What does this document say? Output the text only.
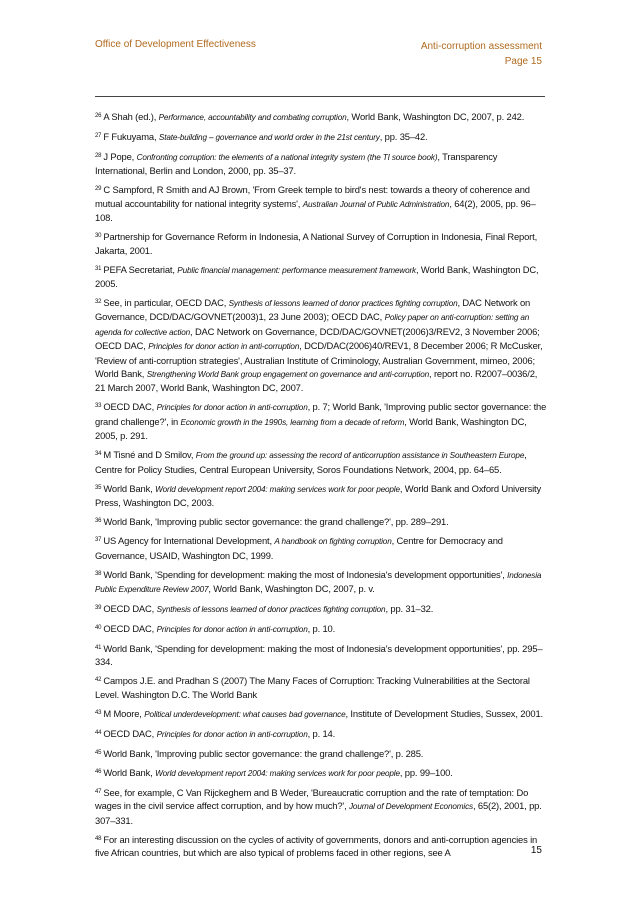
Office of Development Effectiveness	Anti-corruption assessment
Page 15
$^{26}$ A Shah (ed.), Performance, accountability and combating corruption, World Bank, Washington DC, 2007, p. 242.
$^{27}$ F Fukuyama, State-building – governance and world order in the 21st century, pp. 35–42.
$^{28}$ J Pope, Confronting corruption: the elements of a national integrity system (the TI source book), Transparency International, Berlin and London, 2000, pp. 35–37.
$^{29}$ C Sampford, R Smith and AJ Brown, 'From Greek temple to bird's nest: towards a theory of coherence and mutual accountability for national integrity systems', Australian Journal of Public Administration, 64(2), 2005, pp. 96–108.
$^{30}$ Partnership for Governance Reform in Indonesia, A National Survey of Corruption in Indonesia, Final Report, Jakarta, 2001.
$^{31}$ PEFA Secretariat, Public financial management: performance measurement framework, World Bank, Washington DC, 2005.
$^{32}$ See, in particular, OECD DAC, Synthesis of lessons learned of donor practices fighting corruption, DAC Network on Governance, DCD/DAC/GOVNET(2003)1, 23 June 2003); OECD DAC, Policy paper on anti-corruption: setting an agenda for collective action, DAC Network on Governance, DCD/DAC/GOVNET(2006)3/REV2, 3 November 2006; OECD DAC, Principles for donor action in anti-corruption, DCD/DAC(2006)40/REV1, 8 December 2006; R McCusker, 'Review of anti-corruption strategies', Australian Institute of Criminology, Australian Government, mimeo, 2006; World Bank, Strengthening World Bank group engagement on governance and anti-corruption, report no. R2007–0036/2, 21 March 2007, World Bank, Washington DC, 2007.
$^{33}$ OECD DAC, Principles for donor action in anti-corruption, p. 7; World Bank, 'Improving public sector governance: the grand challenge?', in Economic growth in the 1990s, learning from a decade of reform, World Bank, Washington DC, 2005, p. 291.
$^{34}$ M Tisné and D Smilov, From the ground up: assessing the record of anticorruption assistance in Southeastern Europe, Centre for Policy Studies, Central European University, Soros Foundations Network, 2004, pp. 64–65.
$^{35}$ World Bank, World development report 2004: making services work for poor people, World Bank and Oxford University Press, Washington DC, 2003.
$^{36}$ World Bank, 'Improving public sector governance: the grand challenge?', pp. 289–291.
$^{37}$ US Agency for International Development, A handbook on fighting corruption, Centre for Democracy and Governance, USAID, Washington DC, 1999.
$^{38}$ World Bank, 'Spending for development: making the most of Indonesia's development opportunities', Indonesia Public Expenditure Review 2007, World Bank, Washington DC, 2007, p. v.
$^{39}$ OECD DAC, Synthesis of lessons learned of donor practices fighting corruption, pp. 31–32.
$^{40}$ OECD DAC, Principles for donor action in anti-corruption, p. 10.
$^{41}$ World Bank, 'Spending for development: making the most of Indonesia's development opportunities', pp. 295–334.
$^{42}$ Campos J.E. and Pradhan S (2007) The Many Faces of Corruption: Tracking Vulnerabilities at the Sectoral Level. Washington D.C. The World Bank
$^{43}$ M Moore, Political underdevelopment: what causes bad governance, Institute of Development Studies, Sussex, 2001.
$^{44}$ OECD DAC, Principles for donor action in anti-corruption, p. 14.
$^{45}$ World Bank, 'Improving public sector governance: the grand challenge?', p. 285.
$^{46}$ World Bank, World development report 2004: making services work for poor people, pp. 99–100.
$^{47}$ See, for example, C Van Rijckeghem and B Weder, 'Bureaucratic corruption and the rate of temptation: Do wages in the civil service affect corruption, and by how much?', Journal of Development Economics, 65(2), 2001, pp. 307–331.
$^{48}$ For an interesting discussion on the cycles of activity of governments, donors and anti-corruption agencies in five African countries, but which are also typical of problems faced in other regions, see A	15
